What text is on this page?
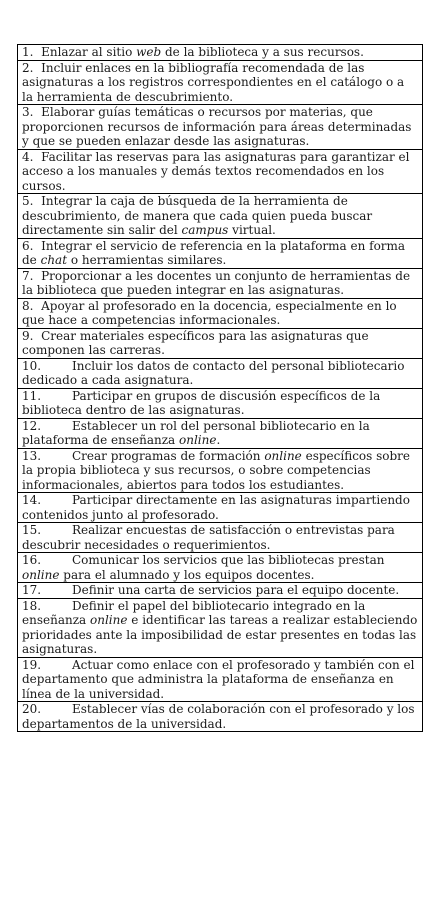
1. Enlazar al sitio web de la biblioteca y a sus recursos.
2. Incluir enlaces en la bibliografía recomendada de las asignaturas a los registros correspondientes en el catálogo o a la herramienta de descubrimiento.
3. Elaborar guías temáticas o recursos por materias, que proporcionen recursos de información para áreas determinadas y que se pueden enlazar desde las asignaturas.
4. Facilitar las reservas para las asignaturas para garantizar el acceso a los manuales y demás textos recomendados en los cursos.
5. Integrar la caja de búsqueda de la herramienta de descubrimiento, de manera que cada quien pueda buscar directamente sin salir del campus virtual.
6. Integrar el servicio de referencia en la plataforma en forma de chat o herramientas similares.
7. Proporcionar a les docentes un conjunto de herramientas de la biblioteca que pueden integrar en las asignaturas.
8. Apoyar al profesorado en la docencia, especialmente en lo que hace a competencias informacionales.
9. Crear materiales específicos para las asignaturas que componen las carreras.
10.	Incluir los datos de contacto del personal bibliotecario dedicado a cada asignatura.
11.	Participar en grupos de discusión específicos de la biblioteca dentro de las asignaturas.
12.	Establecer un rol del personal bibliotecario en la plataforma de enseñanza online.
13.	Crear programas de formación online específicos sobre la propia biblioteca y sus recursos, o sobre competencias informacionales, abiertos para todos los estudiantes.
14.	Participar directamente en las asignaturas impartiendo contenidos junto al profesorado.
15.	Realizar encuestas de satisfacción o entrevistas para descubrir necesidades o requerimientos.
16.	Comunicar los servicios que las bibliotecas prestan online para el alumnado y los equipos docentes.
17.	Definir una carta de servicios para el equipo docente.
18.	Definir el papel del bibliotecario integrado en la enseñanza online e identificar las tareas a realizar estableciendo prioridades ante la imposibilidad de estar presentes en todas las asignaturas.
19.	Actuar como enlace con el profesorado y también con el departamento que administra la plataforma de enseñanza en línea de la universidad.
20.	Establecer vías de colaboración con el profesorado y los departamentos de la universidad.
